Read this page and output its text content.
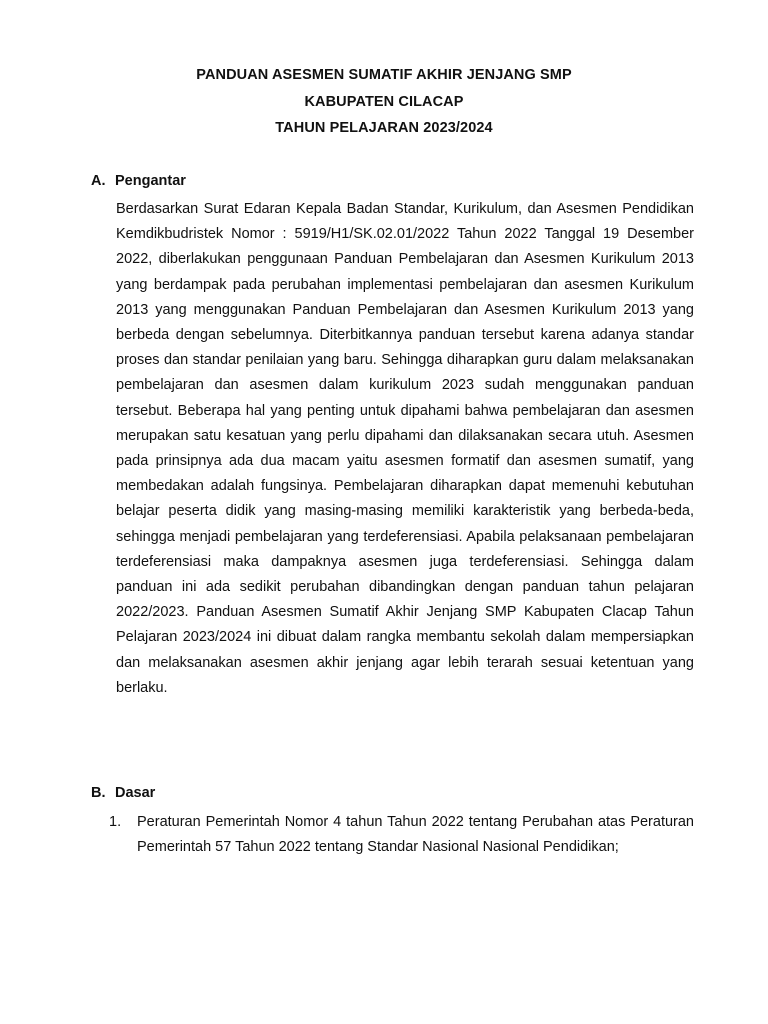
PANDUAN ASESMEN SUMATIF AKHIR JENJANG SMP
KABUPATEN CILACAP
TAHUN PELAJARAN 2023/2024
A. Pengantar

Berdasarkan Surat Edaran Kepala Badan Standar, Kurikulum, dan Asesmen Pendidikan Kemdikbudristek Nomor : 5919/H1/SK.02.01/2022 Tahun 2022 Tanggal 19 Desember 2022, diberlakukan penggunaan Panduan Pembelajaran dan Asesmen Kurikulum 2013 yang berdampak pada perubahan implementasi pembelajaran dan asesmen Kurikulum 2013 yang menggunakan Panduan Pembelajaran dan Asesmen Kurikulum 2013 yang berbeda dengan sebelumnya. Diterbitkannya panduan tersebut karena adanya standar proses dan standar penilaian yang baru. Sehingga diharapkan guru dalam melaksanakan pembelajaran dan asesmen dalam kurikulum 2023 sudah menggunakan panduan tersebut. Beberapa hal yang penting untuk dipahami bahwa pembelajaran dan asesmen merupakan satu kesatuan yang perlu dipahami dan dilaksanakan secara utuh. Asesmen pada prinsipnya ada dua macam yaitu asesmen formatif dan asesmen sumatif, yang membedakan adalah fungsinya. Pembelajaran diharapkan dapat memenuhi kebutuhan belajar peserta didik yang masing-masing memiliki karakteristik yang berbeda-beda, sehingga menjadi pembelajaran yang terdeferensiasi. Apabila pelaksanaan pembelajaran terdeferensiasi maka dampaknya asesmen juga terdeferensiasi. Sehingga dalam panduan ini ada sedikit perubahan dibandingkan dengan panduan tahun pelajaran 2022/2023. Panduan Asesmen Sumatif Akhir Jenjang SMP Kabupaten Clacap Tahun Pelajaran 2023/2024 ini dibuat dalam rangka membantu sekolah dalam mempersiapkan dan melaksanakan asesmen akhir jenjang agar lebih terarah sesuai ketentuan yang berlaku.

B. Dasar
1. Peraturan Pemerintah Nomor 4 tahun Tahun 2022 tentang Perubahan atas Peraturan Pemerintah 57 Tahun 2022 tentang Standar Nasional Nasional Pendidikan;
